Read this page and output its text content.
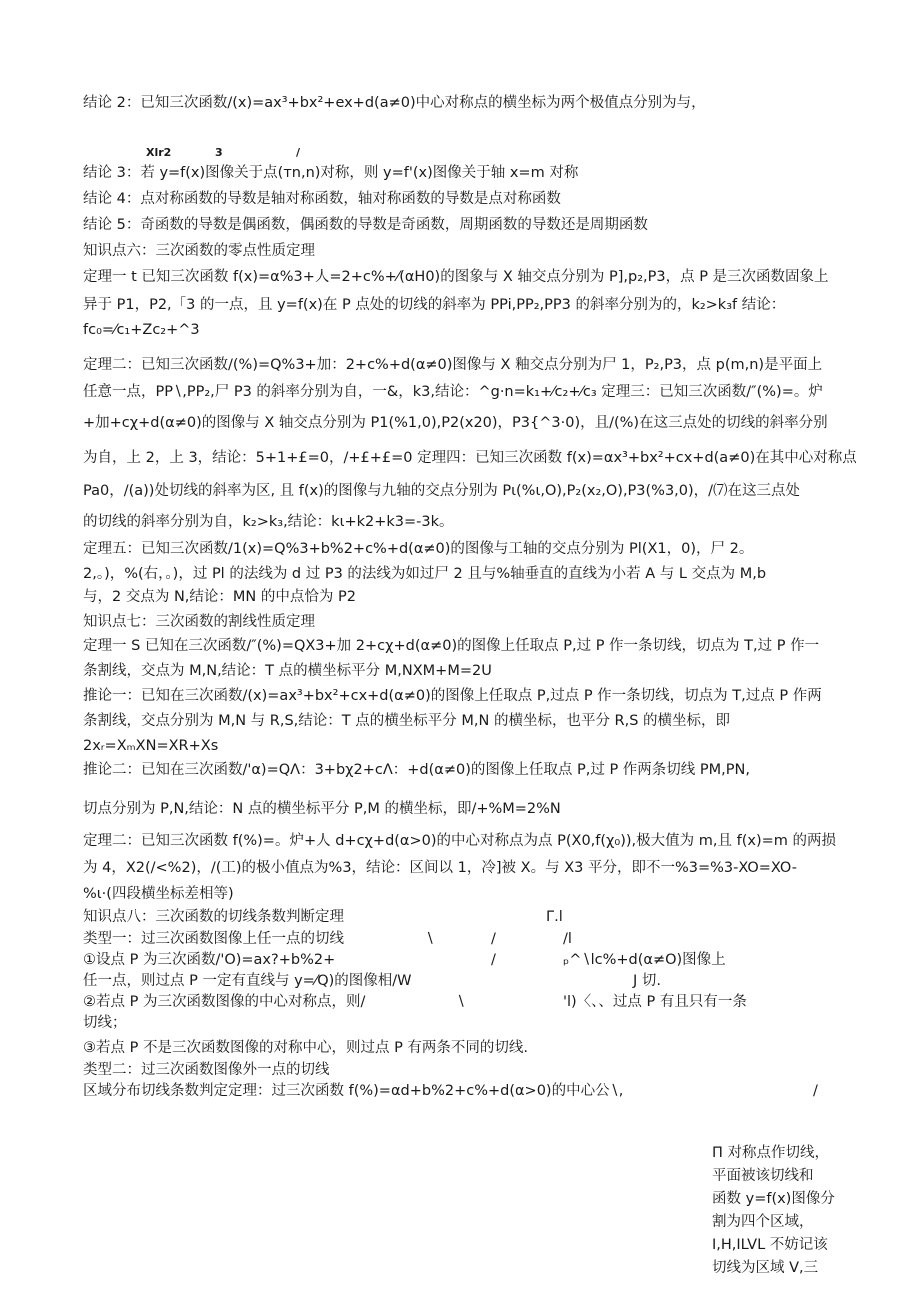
结论 2：已知三次函数/(x)=ax³+bx²+ex+d(a≠0)中心对称点的横坐标为两个极值点分别为与，
Xlr2	3	/
结论 3：若 y=f(x)图像关于点(тn,n)对称，则 y=f'(x)图像关于轴 x=m 对称
结论 4：点对称函数的导数是轴对称函数，轴对称函数的导数是点对称函数
结论 5：奇函数的导数是偶函数，偶函数的导数是奇函数，周期函数的导数还是周期函数
知识点六：三次函数的零点性质定理
定理一 t 已知三次函数 f(x)=α%3+人=2+c%+⁄(αH0)的图象与 X 轴交点分别为 P],p₂,P3，点 P 是三次函数固象上
异于 P1，P2,「3 的一点，且 y=f(x)在 P 点处的切线的斜率为 PPi,PP₂,PP3 的斜率分别为的，k₂>k₃f 结论：
fc₀=⁄c₁+Zc₂+^3
定理二：已知三次函数/(%)=Q%3+加：2+c%+d(α≠0)图像与 X 釉交点分别为尸 1，P₂,P3，点 p(m,n)是平面上
任意一点，PP∖,PP₂,尸 P3 的斜率分别为自，一&，k3,结论：^g·n=k₁+⁄c₂+⁄c₃ 定理三：已知三次函数/″(%)=。炉
+加+cχ+d(α≠0)的图像与 X 轴交点分别为 P1(%1,0),P2(x20)，P3{^3·0)，且/(%)在这三点处的切线的斜率分别
为自，上 2，上 3，结论：5+1+£=0，/+£+£=0 定理四：已知三次函数 f(x)=αx³+bx²+cx+d(a≠0)在其中心对称点
Pa0，/(a))处切线的斜率为区, 且 f(x)的图像与九轴的交点分别为 Pι(%ι,O),P₂(x₂,O),P3(%3,0)，/⑺在这三点处
的切线的斜率分别为自，k₂>k₃,结论：kι+k2+k3=-3k。
定理五：已知三次函数/1(x)=Q%3+b%2+c%+d(α≠0)的图像与工轴的交点分别为 Pl(X1，0)，尸 2。
2,。)，%(右，。)，过 Pl 的法线为 d 过 P3 的法线为如过尸 2 且与%轴垂直的直线为小若 A 与 L 交点为 M,b
与，2 交点为 N,结论：MN 的中点恰为 P2
知识点七：三次函数的割线性质定理
定理一 S 已知在三次函数/″(%)=QX3+加 2+cχ+d(α≠0)的图像上任取点 P,过 P 作一条切线，切点为 T,过 P 作一
条割线，交点为 M,N,结论：T 点的横坐标平分 M,NXM+M=2U
推论一：已知在三次函数/(x)=ax³+bx²+cx+d(α≠0)的图像上任取点 P,过点 P 作一条切线，切点为 T,过点 P 作两
条割线，交点分别为 M,N 与 R,S,结论：T 点的横坐标平分 M,N 的横坐标，也平分 R,S 的横坐标，即
2xᵣ=XₘXN=XR+Xs
推论二：已知在三次函数/'α)=QΛ：3+bχ2+cΛ：+d(α≠0)的图像上任取点 P,过 P 作两条切线 PM,PN,
切点分别为 P,N,结论：N 点的横坐标平分 P,M 的横坐标，即/+%M=2%N
定理二：已知三次函数 f(%)=。炉+人 d+cχ+d(α>0)的中心对称点为点 P(X0,f(χ₀)),极大值为 m,且 f(x)=m 的两损
为 4，X2(/<%2)，/(工)的极小值点为%3，结论：区间以 1，冷]被 X。与 X3 平分，即不一%3=%3-XO=XO-
%ι·(四段横坐标差相等)
知识点八：三次函数的切线条数判断定理	Γ.l
类型一：过三次函数图像上任一点的切线	∖	/	/l
①设点 P 为三次函数/'O)=ax?+b%2+	/	ₚ^∖lc%+d(α≠O)图像上
任一点，则过点 P 一定有直线与 y=⁄Q)的图像相/W	J 切.
②若点 P 为三次函数图像的中心对称点，则/	∖	'l)〈、、过点 P 有且只有一条
切线；
③若点 P 不是三次函数图像的对称中心，则过点 P 有两条不同的切线.
类型二：过三次函数图像外一点的切线
区域分布切线条数判定定理：过三次函数 f(%)=αd+b%2+c%+d(α>0)的中心公∖,	/
П 对称点作切线，
平面被该切线和
函数 y=f(x)图像分
割为四个区域，
I,H,ILVL 不妨记该
切线为区域 V,三
